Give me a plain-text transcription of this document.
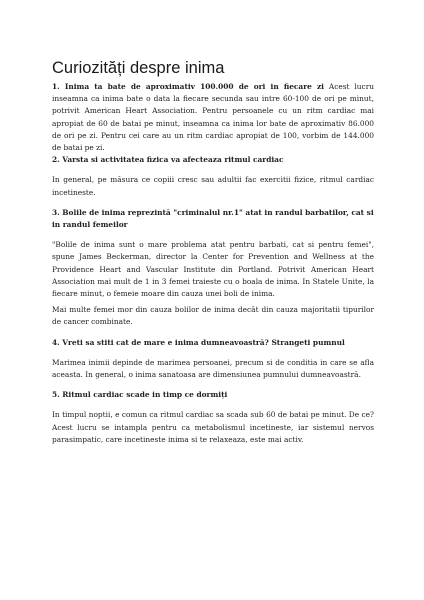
Curiozități despre inima

1. Inima ta bate de aproximativ 100.000 de ori in fiecare zi Acest lucru inseamna ca inima bate o data la fiecare secunda sau intre 60-100 de ori pe minut, potrivit American Heart Association. Pentru persoanele cu un ritm cardiac mai apropiat de 60 de batai pe minut, inseamna ca inima lor bate de aproximativ 86.000 de ori pe zi. Pentru cei care au un ritm cardiac apropiat de 100, vorbim de 144.000 de batai pe zi.

2. Varsta si activitatea fizica va afecteaza ritmul cardiac

In general, pe măsura ce copiii cresc sau adultii fac exercitii fizice, ritmul cardiac incetineste.

3. Bolile de inima reprezintă "criminalul nr.1" atat in randul barbatilor, cat si in randul femeilor

"Bolile de inima sunt o mare problema atat pentru barbati, cat si pentru femei", spune James Beckerman, director la Center for Prevention and Wellness at the Providence Heart and Vascular Institute din Portland. Potrivit American Heart Association mai mult de 1 in 3 femei traieste cu o boala de inima. In Statele Unite, la fiecare minut, o femeie moare din cauza unei boli de inima.

Mai multe femei mor din cauza bolilor de inima decât din cauza majoritatii tipurilor de cancer combinate.

4. Vreti sa stiti cat de mare e inima dumneavoastră? Strangeti pumnul

Marimea inimii depinde de marimea persoanei, precum si de conditia in care se afla aceasta. In general, o inima sanatoasa are dimensiunea pumnului dumneavoastră.

5. Ritmul cardiac scade in timp ce dormiți

In timpul noptii, e comun ca ritmul cardiac sa scada sub 60 de batai pe minut. De ce? Acest lucru se intampla pentru ca metabolismul incetineste, iar sistemul nervos parasimpatic, care incetineste inima si te relaxeaza, este mai activ.
